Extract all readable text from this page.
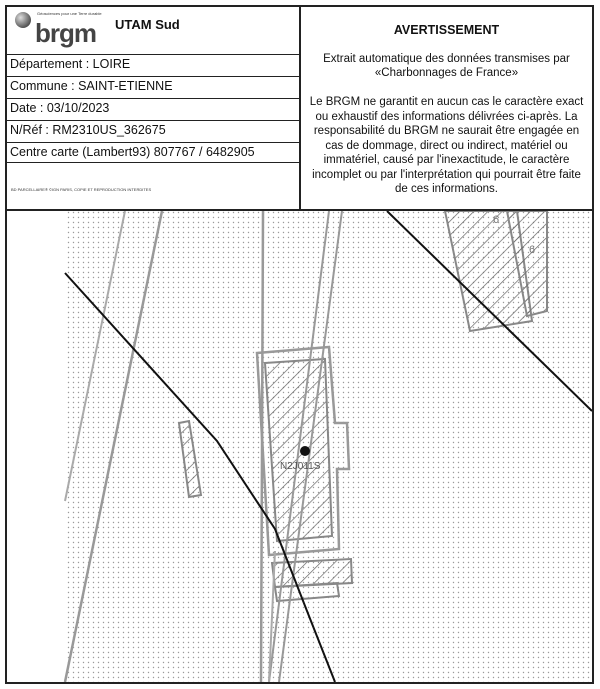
Géosciences pour une Terre durable
brgm UTAM Sud
Département : LOIRE
Commune : SAINT-ETIENNE
Date : 03/10/2023
N/Réf : RM2310US_362675
Centre carte (Lambert93) 807767 / 6482905
BD PARCELLAIRE® ©IGN PARIS, COPIE ET REPRODUCTION INTERDITES
AVERTISSEMENT
Extrait automatique des données transmises par «Charbonnages de France»
Le BRGM ne garantit en aucun cas le caractère exact ou exhaustif des informations délivrées ci-après. La responsabilité du BRGM ne saurait être engagée en cas de dommage, direct ou indirect, matériel ou immatériel, causé par l'inexactitude, le caractère incomplet ou par l'interprétation qui pourrait être faite de ces informations.
6
6
N2J011S
